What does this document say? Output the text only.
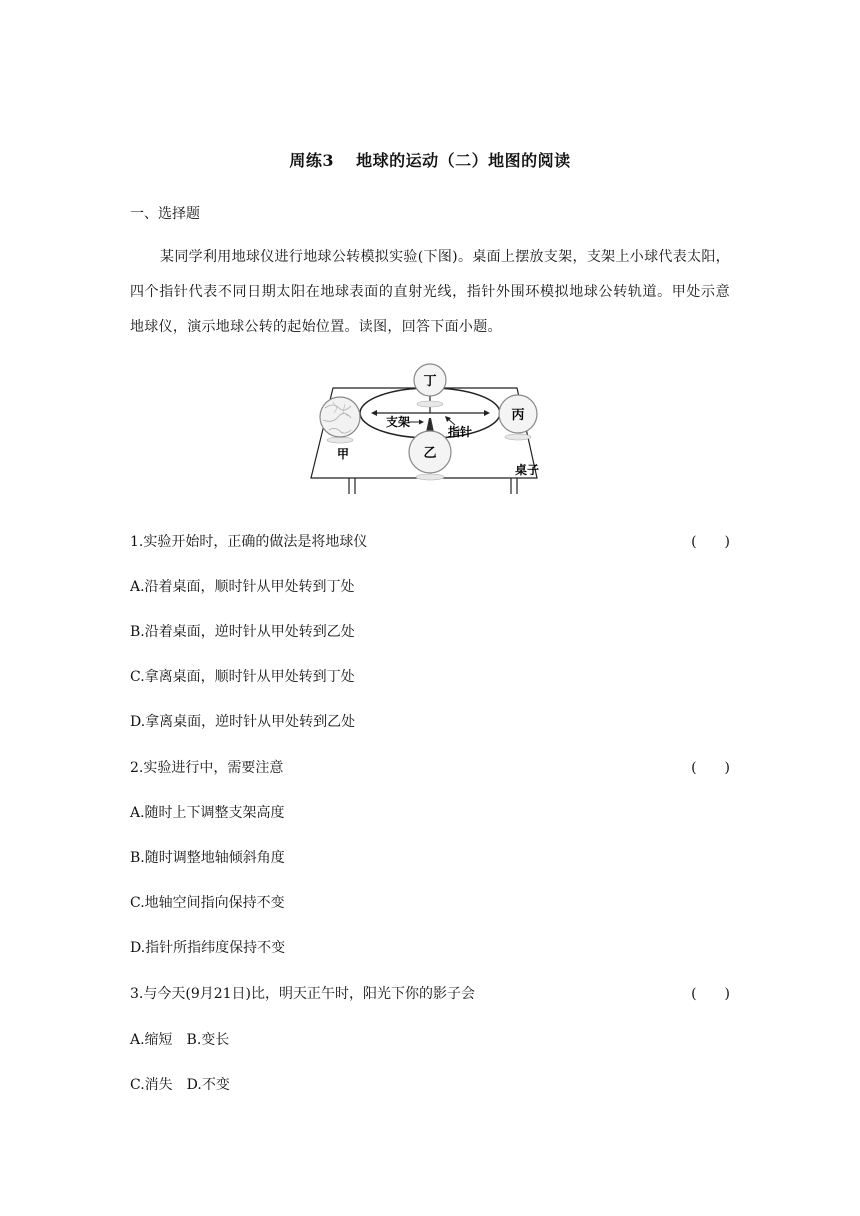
周练3 地球的运动（二）地图的阅读
一、选择题
某同学利用地球仪进行地球公转模拟实验(下图)。桌面上摆放支架，支架上小球代表太阳，四个指针代表不同日期太阳在地球表面的直射光线，指针外围环模拟地球公转轨道。甲处示意地球仪，演示地球公转的起始位置。读图，回答下面小题。
丁
丙
乙
甲
支架
指针
桌子
1.实验开始时，正确的做法是将地球仪	(　　)
A.沿着桌面，顺时针从甲处转到丁处
B.沿着桌面，逆时针从甲处转到乙处
C.拿离桌面，顺时针从甲处转到丁处
D.拿离桌面，逆时针从甲处转到乙处
2.实验进行中，需要注意	(　　)
A.随时上下调整支架高度
B.随时调整地轴倾斜角度
C.地轴空间指向保持不变
D.指针所指纬度保持不变
3.与今天(9月21日)比，明天正午时，阳光下你的影子会	(　　)
A.缩短　B.变长
C.消失　D.不变
